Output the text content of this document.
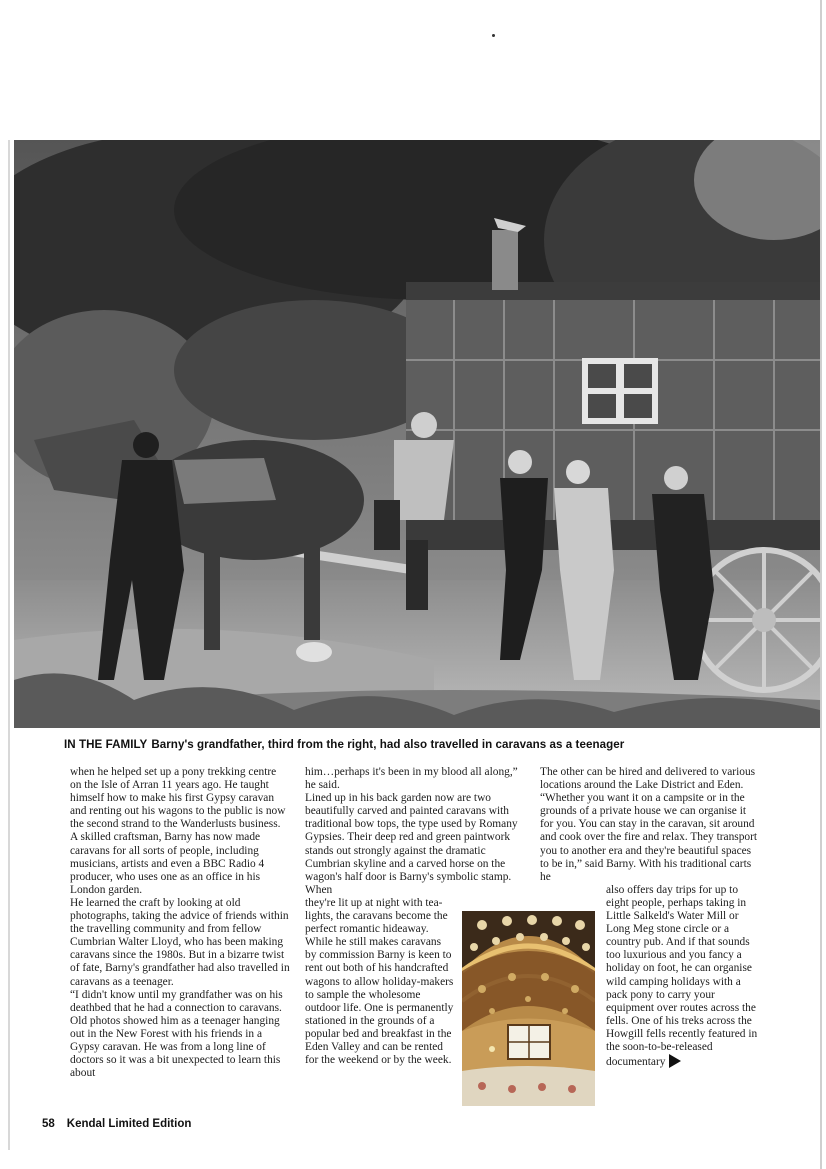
IN THE FAMILY Barny's grandfather, third from the right, had also travelled in caravans as a teenager

when he helped set up a pony trekking centre on the Isle of Arran 11 years ago. He taught himself how to make his first Gypsy caravan and renting out his wagons to the public is now the second strand to the Wanderlusts business.

A skilled craftsman, Barny has now made caravans for all sorts of people, including musicians, artists and even a BBC Radio 4 producer, who uses one as an office in his London garden.

He learned the craft by looking at old photographs, taking the advice of friends within the travelling community and from fellow Cumbrian Walter Lloyd, who has been making caravans since the 1980s. But in a bizarre twist of fate, Barny's grandfather had also travelled in caravans as a teenager.

“I didn't know until my grandfather was on his deathbed that he had a connection to caravans. Old photos showed him as a teenager hanging out in the New Forest with his friends in a Gypsy caravan. He was from a long line of doctors so it was a bit unexpected to learn this about

him…perhaps it's been in my blood all along,” he said.

Lined up in his back garden now are two beautifully carved and painted caravans with traditional bow tops, the type used by Romany Gypsies. Their deep red and green paintwork stands out strongly against the dramatic Cumbrian skyline and a carved horse on the wagon's half door is Barny's symbolic stamp. When

they're lit up at night with tea-lights, the caravans become the perfect romantic hideaway.

While he still makes caravans by commission Barny is keen to rent out both of his handcrafted wagons to allow holiday-makers to sample the wholesome outdoor life. One is permanently stationed in the grounds of a popular bed and breakfast in the Eden Valley and can be rented for the weekend or by the week.

The other can be hired and delivered to various locations around the Lake District and Eden.

“Whether you want it on a campsite or in the grounds of a private house we can organise it for you. You can stay in the caravan, sit around and cook over the fire and relax. They transport you to another era and they're beautiful spaces to be in,” said Barny. With his traditional carts he

also offers day trips for up to eight people, perhaps taking in Little Salkeld's Water Mill or Long Meg stone circle or a country pub. And if that sounds too luxurious and you fancy a holiday on foot, he can organise wild camping holidays with a pack pony to carry your equipment over routes across the fells. One of his treks across the Howgill fells recently featured in the soon-to-be-released documentary

58 Kendal Limited Edition
